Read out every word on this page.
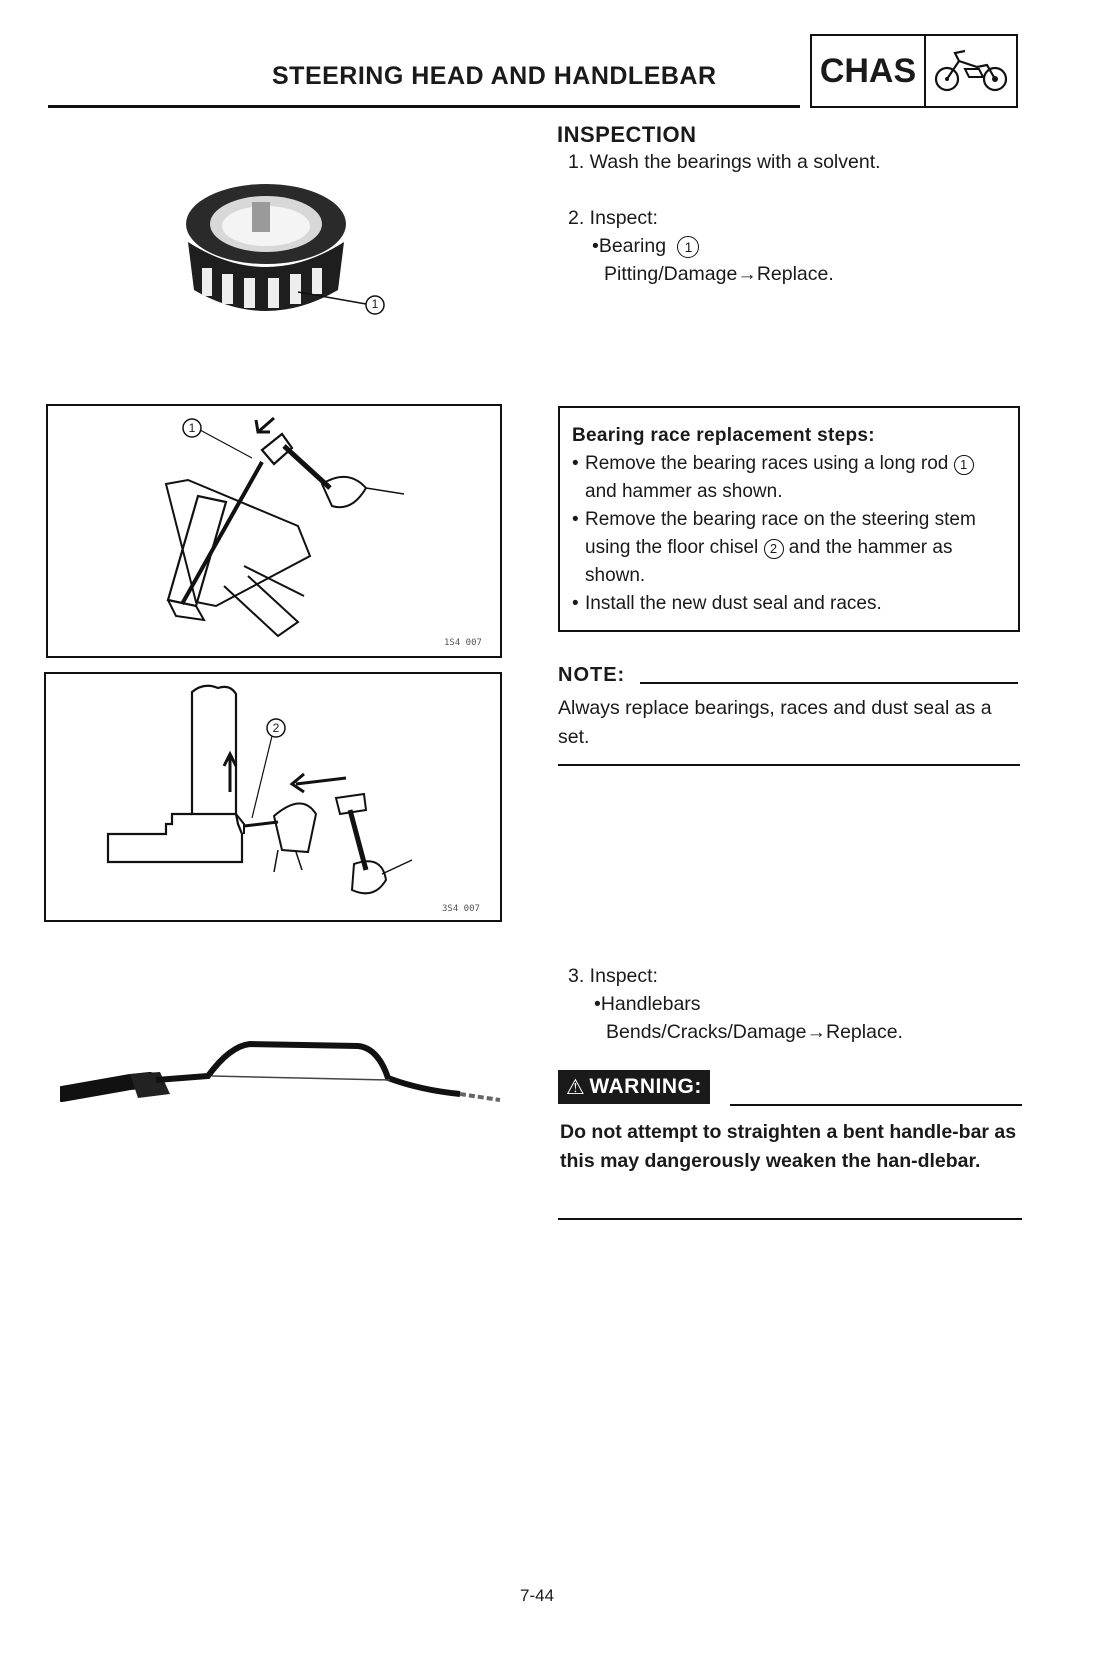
STEERING HEAD AND HANDLEBAR	CHAS
INSPECTION
1. Wash the bearings with a solvent.
2. Inspect:
•Bearing 1
Pitting/Damage→Replace.
1
1
1S4 007
2
3S4 007
Bearing race replacement steps:
• Remove the bearing races using a long rod 1 and hammer as shown.
• Remove the bearing race on the steering stem using the floor chisel 2 and the hammer as shown.
• Install the new dust seal and races.
NOTE:
Always replace bearings, races and dust seal as a set.
3. Inspect:
•Handlebars
Bends/Cracks/Damage→Replace.
⚠ WARNING:
Do not attempt to straighten a bent handle-bar as this may dangerously weaken the han-dlebar.
7-44
